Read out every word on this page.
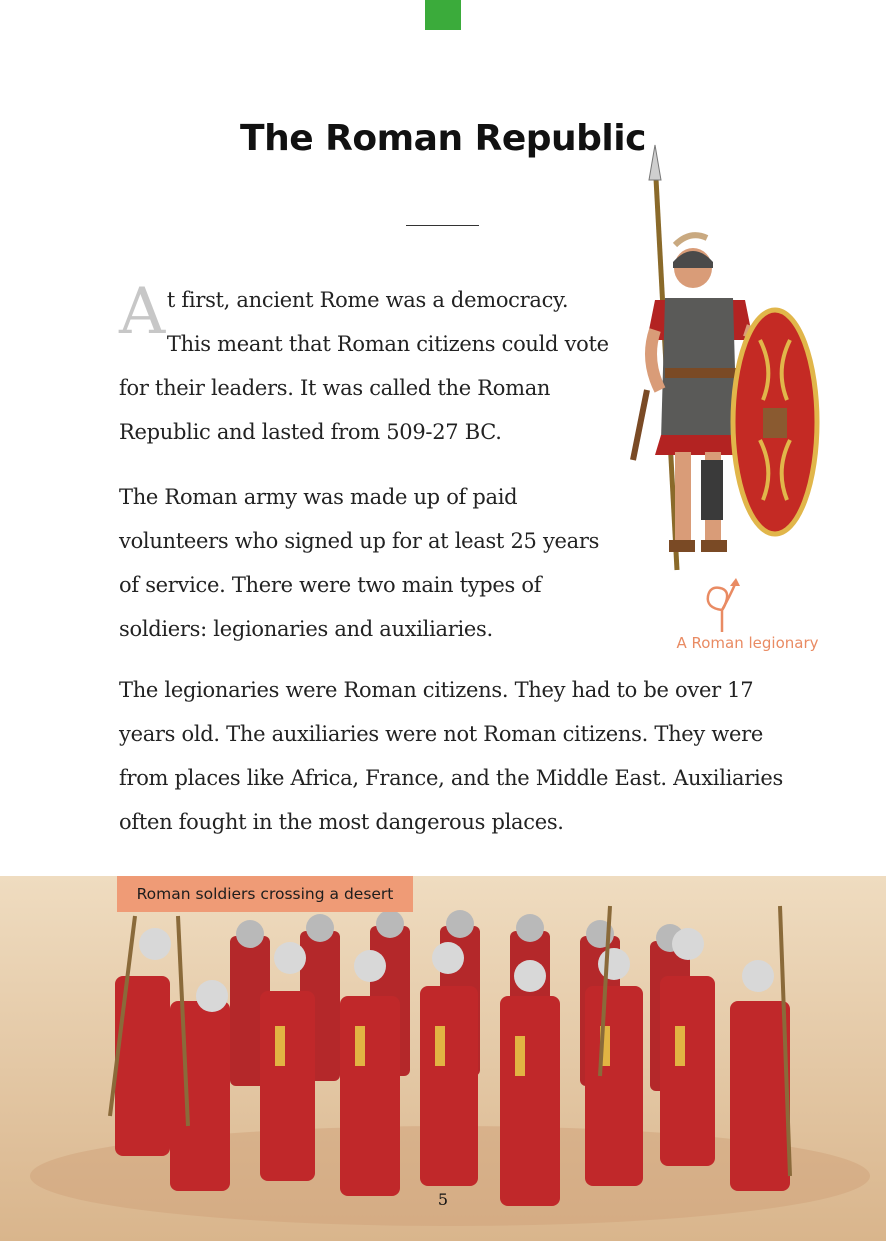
The Roman Republic

At first, ancient Rome was a democracy. This meant that Roman citizens could vote for their leaders. It was called the Roman Republic and lasted from 509-27 BC.

The Roman army was made up of paid volunteers who signed up for at least 25 years of service. There were two main types of soldiers: legionaries and auxiliaries.

The legionaries were Roman citizens. They had to be over 17 years old. The auxiliaries were not Roman citizens. They were from places like Africa, France, and the Middle East. Auxiliaries often fought in the most dangerous places.

A Roman legionary
Roman soldiers crossing a desert
5
